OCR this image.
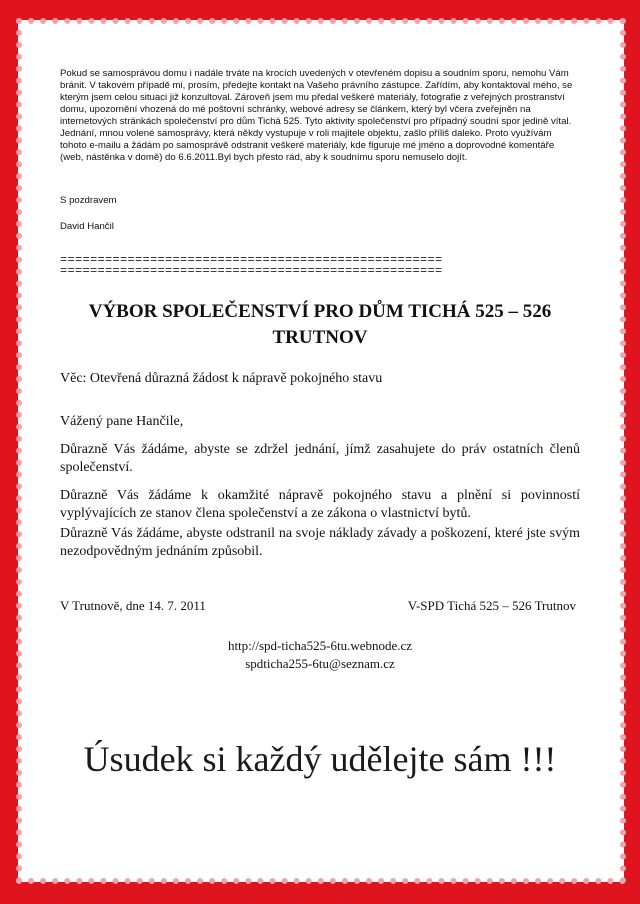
Pokud se samosprávou domu i nadále trváte na krocích uvedených v otevřeném dopisu a soudním sporu, nemohu Vám bránit. V takovém případě mi, prosím, předejte kontakt na Vašeho právního zástupce. Zařídím, aby kontaktoval mého, se kterým jsem celou situaci již konzultoval. Zároveň jsem mu předal veškeré materiály, fotografie z veřejných prostranství domu, upozornění vhozená do mé poštovní schránky, webové adresy se článkem, který byl včera zveřejněn na internetových stránkách společenství pro dům Tichá 525. Tyto aktivity společenství pro případný soudní spor jedině vítal. Jednání, mnou volené samosprávy, která někdy vystupuje v roli majitele objektu, zašlo příliš daleko. Proto využívám tohoto e-mailu a žádám po samosprávě odstranit veškeré materiály, kde figuruje mé jméno a doprovodné komentáře (web, nástěnka v domě) do 6.6.2011.Byl bych přesto rád, aby k soudnímu sporu nemuselo dojít.
S pozdravem
David Hančil
===================================================
===================================================
VÝBOR SPOLEČENSTVÍ PRO DŮM TICHÁ 525 – 526
TRUTNOV
Věc: Otevřená důrazná žádost k nápravě pokojného stavu
Vážený pane Hančile,
Důrazně Vás žádáme, abyste se zdržel jednání, jímž zasahujete do práv ostatních členů společenství.
Důrazně Vás žádáme k okamžité nápravě pokojného stavu a plnění si povinností vyplývajících ze stanov člena společenství a ze zákona o vlastnictví bytů.
Důrazně Vás žádáme, abyste odstranil na svoje náklady závady a poškození, které jste svým nezodpovědným jednáním způsobil.
V Trutnově, dne 14. 7. 2011	V-SPD Tichá 525 – 526 Trutnov
http://spd-ticha525-6tu.webnode.cz
spdticha255-6tu@seznam.cz
Úsudek si každý udělejte sám !!!
